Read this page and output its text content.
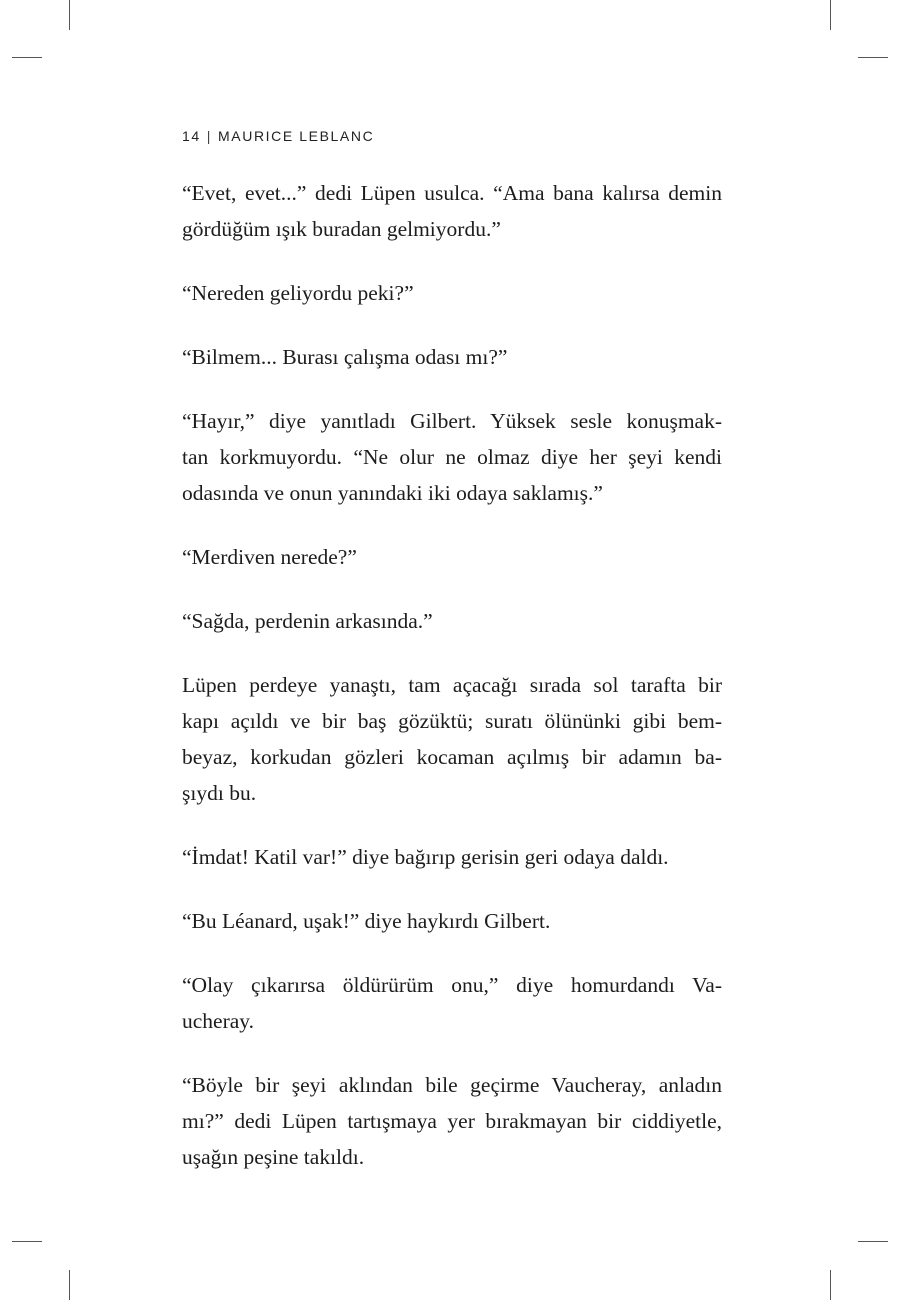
14 | MAURICE LEBLANC

“Evet, evet...” dedi Lüpen usulca. “Ama bana kalırsa demin
gördüğüm ışık buradan gelmiyordu.”

“Nereden geliyordu peki?”

“Bilmem... Burası çalışma odası mı?”

“Hayır,” diye yanıtladı Gilbert. Yüksek sesle konuşmak-
tan korkmuyordu. “Ne olur ne olmaz diye her şeyi kendi
odasında ve onun yanındaki iki odaya saklamış.”

“Merdiven nerede?”

“Sağda, perdenin arkasında.”

Lüpen perdeye yanaştı, tam açacağı sırada sol tarafta bir
kapı açıldı ve bir baş gözüktü; suratı ölününki gibi bem-
beyaz, korkudan gözleri kocaman açılmış bir adamın ba-
şıydı bu.

“İmdat! Katil var!” diye bağırıp gerisin geri odaya daldı.

“Bu Léanard, uşak!” diye haykırdı Gilbert.

“Olay çıkarırsa öldürürüm onu,” diye homurdandı Va-
ucheray.

“Böyle bir şeyi aklından bile geçirme Vaucheray, anladın
mı?” dedi Lüpen tartışmaya yer bırakmayan bir ciddiyetle,
uşağın peşine takıldı.
